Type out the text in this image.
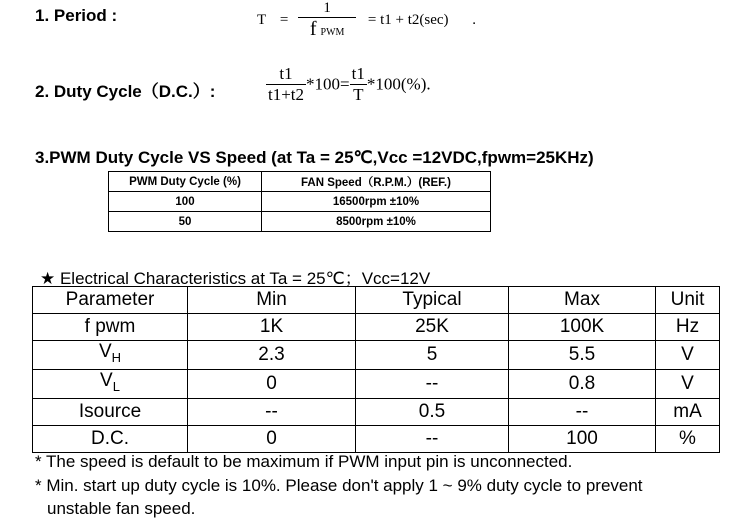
1. Period :	$T = \frac{1}{\text{f PWM}} = t1 + t2(\sec)$ .
2. Duty Cycle（D.C.）:	$\frac{t1}{t1+t2} *100= \frac{t1}{T} *100(\%)$.
3.PWM Duty Cycle VS Speed (at Ta = 25℃,Vcc =12VDC,fpwm=25KHz)
PWM Duty Cycle (%)	FAN Speed（R.P.M.）(REF.)
100	16500rpm ±10%
50	8500rpm ±10%
★ Electrical Characteristics at Ta = 25℃；Vcc=12V
Parameter	Min	Typical	Max	Unit
f pwm	1K	25K	100K	Hz
$V_H$	2.3	5	5.5	V
$V_L$	0	--	0.8	V
Isource	--	0.5	--	mA
D.C.	0	--	100	%
* The speed is default to be maximum if PWM input pin is unconnected.
* Min. start up duty cycle is 10%. Please don't apply 1 ~ 9% duty cycle to prevent
unstable fan speed.
